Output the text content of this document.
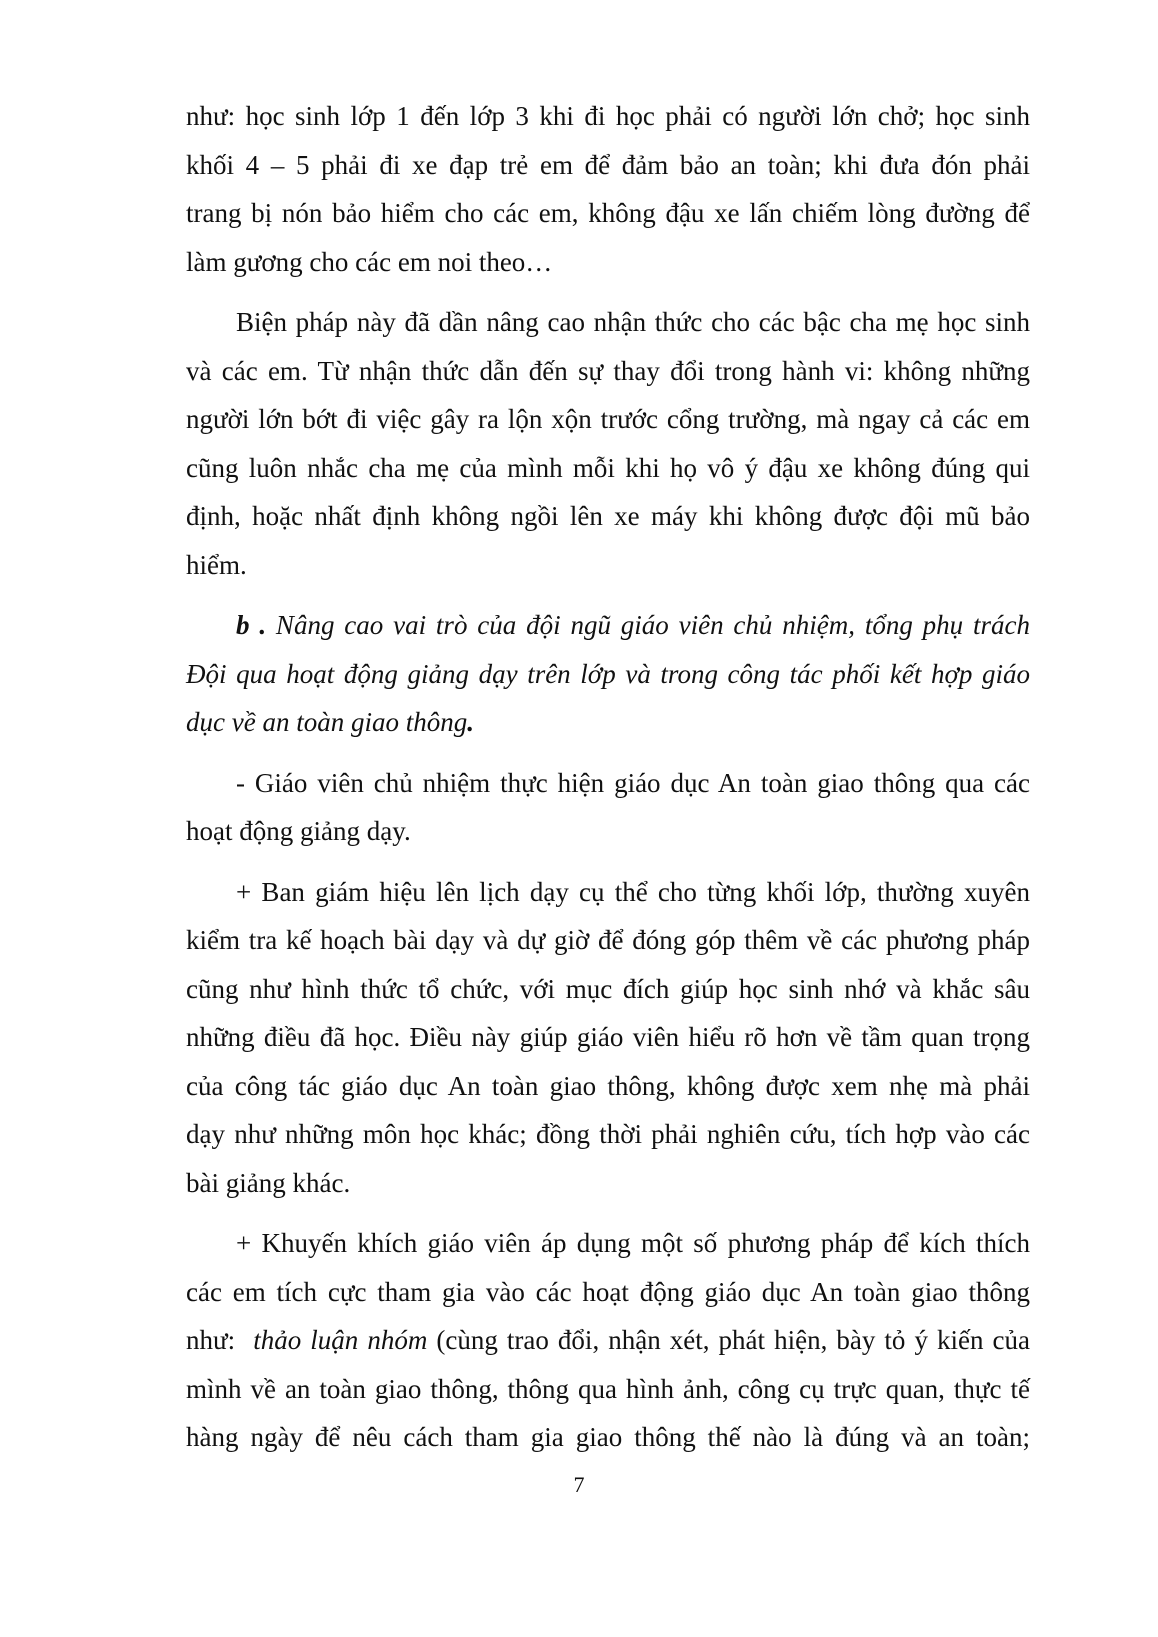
như: học sinh lớp 1 đến lớp 3 khi đi học phải có người lớn chở; học sinh
khối 4 – 5 phải đi xe đạp trẻ em để đảm bảo an toàn; khi đưa đón phải
trang bị nón bảo hiểm cho các em, không đậu xe lấn chiếm lòng đường để
làm gương cho các em noi theo…
Biện pháp này đã dần nâng cao nhận thức cho các bậc cha mẹ học sinh
và các em. Từ nhận thức dẫn đến sự thay đổi trong hành vi: không những
người lớn bớt đi việc gây ra lộn xộn trước cổng trường, mà ngay cả các em
cũng luôn nhắc cha mẹ của mình mỗi khi họ vô ý đậu xe không đúng qui
định, hoặc nhất định không ngồi lên xe máy khi không được đội mũ bảo
hiểm.
b . Nâng cao vai trò của đội ngũ giáo viên chủ nhiệm, tổng phụ trách
Đội qua hoạt động giảng dạy trên lớp và trong công tác phối kết hợp giáo
dục về an toàn giao thông.
- Giáo viên chủ nhiệm thực hiện giáo dục An toàn giao thông qua các
hoạt động giảng dạy.
+ Ban giám hiệu lên lịch dạy cụ thể cho từng khối lớp, thường xuyên
kiểm tra kế hoạch bài dạy và dự giờ để đóng góp thêm về các phương pháp
cũng như hình thức tổ chức, với mục đích giúp học sinh nhớ và khắc sâu
những điều đã học. Điều này giúp giáo viên hiểu rõ hơn về tầm quan trọng
của công tác giáo dục An toàn giao thông, không được xem nhẹ mà phải
dạy như những môn học khác; đồng thời phải nghiên cứu, tích hợp vào các
bài giảng khác.
+ Khuyến khích giáo viên áp dụng một số phương pháp để kích thích
các em tích cực tham gia vào các hoạt động giáo dục An toàn giao thông
như:  thảo luận nhóm (cùng trao đổi, nhận xét, phát hiện, bày tỏ ý kiến của
mình về an toàn giao thông, thông qua hình ảnh, công cụ trực quan, thực tế
hàng ngày để nêu cách tham gia giao thông thế nào là đúng và an toàn;
7
